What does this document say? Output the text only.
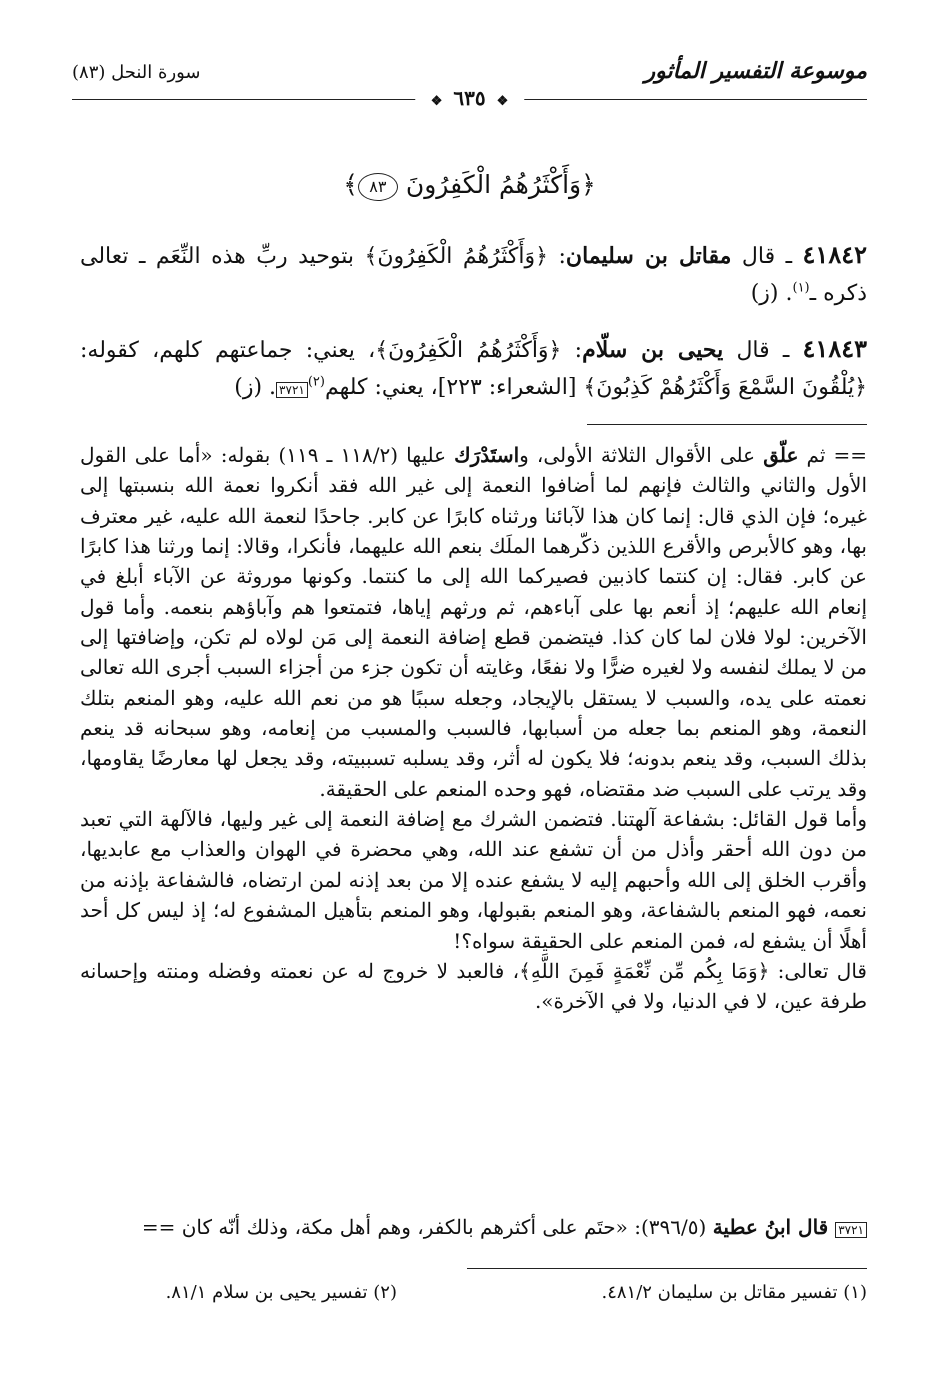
موسوعة التفسير المأثور
سورة النحل (٨٣)
❖ ٦٣٥ ❖
﴿وَأَكْثَرُهُمُ الْكَفِرُونَ ٨٣﴾
٤١٨٤٢ ـ قال مقاتل بن سليمان: ﴿وَأَكْثَرُهُمُ الْكَفِرُونَ﴾ بتوحيد ربِّ هذه النِّعَم ـ تعالى ذكره ـ$^{(١)}$. (ز)
٤١٨٤٣ ـ قال يحيى بن سلّام: ﴿وَأَكْثَرُهُمُ الْكَفِرُونَ﴾، يعني: جماعتهم كلهم، كقوله: ﴿يُلْقُونَ السَّمْعَ وَأَكْثَرُهُمْ كَذِبُونَ﴾ [الشعراء: ٢٢٣]، يعني: كلهم$^{(٢)}$٣٧٢١. (ز)
== ثم علّق على الأقوال الثلاثة الأولى، واستَدْرَك عليها (١١٨/٢ ـ ١١٩) بقوله: «أما على القول الأول والثاني والثالث فإنهم لما أضافوا النعمة إلى غير الله فقد أنكروا نعمة الله بنسبتها إلى غيره؛ فإن الذي قال: إنما كان هذا لآبائنا ورثناه كابرًا عن كابر. جاحدًا لنعمة الله عليه، غير معترف بها، وهو كالأبرص والأقرع اللذين ذكّرهما الملَك بنعم الله عليهما، فأنكرا، وقالا: إنما ورثنا هذا كابرًا عن كابر. فقال: إن كنتما كاذبين فصيركما الله إلى ما كنتما. وكونها موروثة عن الآباء أبلغ في إنعام الله عليهم؛ إذ أنعم بها على آباءهم، ثم ورثهم إياها، فتمتعوا هم وآباؤهم بنعمه. وأما قول الآخرين: لولا فلان لما كان كذا. فيتضمن قطع إضافة النعمة إلى مَن لولاه لم تكن، وإضافتها إلى من لا يملك لنفسه ولا لغيره ضرًّا ولا نفعًا، وغايته أن تكون جزء من أجزاء السبب أجرى الله تعالى نعمته على يده، والسبب لا يستقل بالإيجاد، وجعله سببًا هو من نعم الله عليه، وهو المنعم بتلك النعمة، وهو المنعم بما جعله من أسبابها، فالسبب والمسبب من إنعامه، وهو سبحانه قد ينعم بذلك السبب، وقد ينعم بدونه؛ فلا يكون له أثر، وقد يسلبه تسببيته، وقد يجعل لها معارضًا يقاومها، وقد يرتب على السبب ضد مقتضاه، فهو وحده المنعم على الحقيقة.
وأما قول القائل: بشفاعة آلهتنا. فتضمن الشرك مع إضافة النعمة إلى غير وليها، فالآلهة التي تعبد من دون الله أحقر وأذل من أن تشفع عند الله، وهي محضرة في الهوان والعذاب مع عابديها، وأقرب الخلق إلى الله وأحبهم إليه لا يشفع عنده إلا من بعد إذنه لمن ارتضاه، فالشفاعة بإذنه من نعمه، فهو المنعم بالشفاعة، وهو المنعم بقبولها، وهو المنعم بتأهيل المشفوع له؛ إذ ليس كل أحد أهلًا أن يشفع له، فمن المنعم على الحقيقة سواه؟!
قال تعالى: ﴿وَمَا بِكُم مِّن نِّعْمَةٍ فَمِنَ اللَّهِ﴾، فالعبد لا خروج له عن نعمته وفضله ومنته وإحسانه طرفة عين، لا في الدنيا، ولا في الآخرة».
٣٧٢١ قال ابنُ عطية (٣٩٦/٥): «حتَم على أكثرهم بالكفر، وهم أهل مكة، وذلك أنّه كان ==
(١) تفسير مقاتل بن سليمان ٤٨١/٢.
(٢) تفسير يحيى بن سلام ٨١/١.
